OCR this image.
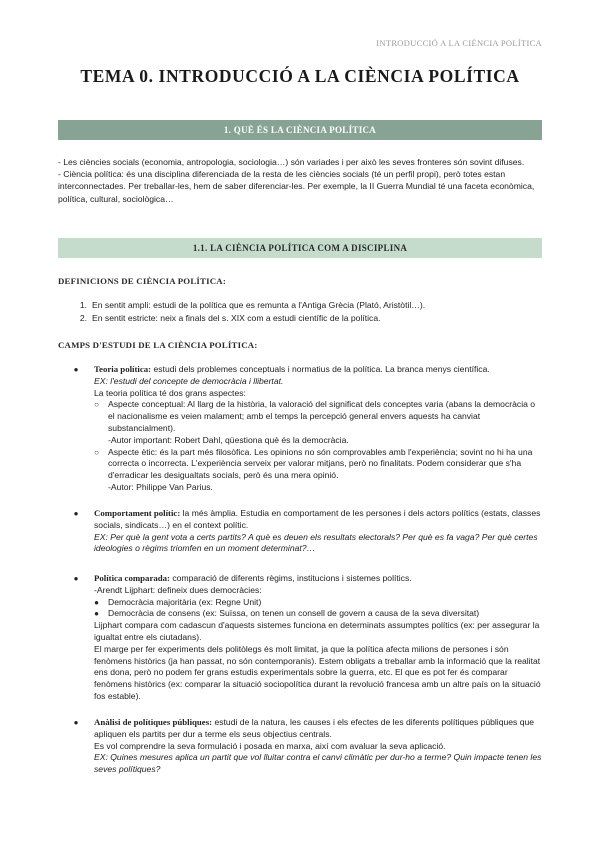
INTRODUCCIÓ A LA CIÈNCIA POLÍTICA
TEMA 0. INTRODUCCIÓ A LA CIÈNCIA POLÍTICA
1. QUÈ ÉS LA CIÈNCIA POLÍTICA

- Les ciències socials (economia, antropologia, sociologia…) són variades i per això les seves fronteres són sovint difuses.

- Ciència política: és una disciplina diferenciada de la resta de les ciències socials (té un perfil propi), però totes estan interconnectades. Per treballar-les, hem de saber diferenciar-les. Per exemple, la II Guerra Mundial té una faceta econòmica, política, cultural, sociològica…

1.1. LA CIÈNCIA POLÍTICA COM A DISCIPLINA
DEFINICIONS DE CIÈNCIA POLÍTICA:
1. En sentit ampli: estudi de la política que es remunta a l'Antiga Grècia (Plató, Aristòtil…).
2. En sentit estricte: neix a finals del s. XIX com a estudi científic de la política.
CAMPS D'ESTUDI DE LA CIÈNCIA POLÍTICA:
●	Teoria política: estudi dels problemes conceptuals i normatius de la política. La branca menys científica.
EX: l'estudi del concepte de democràcia i llibertat.
La teoria política té dos grans aspectes:
○	Aspecte conceptual: Al llarg de la història, la valoració del significat dels conceptes varia (abans la democràcia o el nacionalisme es veien malament; amb el temps la percepció general envers aquests ha canviat substancialment).
-Autor important: Robert Dahl, qüestiona què és la democràcia.
○	Aspecte ètic: és la part més filosòfica. Les opinions no són comprovables amb l'experiència; sovint no hi ha una correcta o incorrecta. L'experiència serveix per valorar mitjans, però no finalitats. Podem considerar que s'ha d'erradicar les desigualtats socials, però és una mera opinió.
-Autor: Philippe Van Parius.
●	Comportament polític: la més àmplia. Estudia en comportament de les persones i dels actors polítics (estats, classes socials, sindicats…) en el context polític.
EX: Per què la gent vota a certs partits? A què es deuen els resultats electorals? Per què es fa vaga? Per què certes ideologies o règims triomfen en un moment determinat?…
●	Política comparada: comparació de diferents règims, institucions i sistemes polítics.
-Arendt Lijphart: defineix dues democràcies:
●	Democràcia majoritària (ex: Regne Unit)
●	Democràcia de consens (ex: Suïssa, on tenen un consell de govern a causa de la seva diversitat)
Lijphart compara com cadascun d'aquests sistemes funciona en determinats assumptes polítics (ex: per assegurar la igualtat entre els ciutadans).
El marge per fer experiments dels politòlegs és molt limitat, ja que la política afecta milions de persones i són fenòmens històrics (ja han passat, no són contemporanis). Estem obligats a treballar amb la informació que la realitat ens dona, però no podem fer grans estudis experimentals sobre la guerra, etc. El que es pot fer és comparar fenòmens històrics (ex: comparar la situació sociopolítica durant la revolució francesa amb un altre país on la situació fos estable).
●	Anàlisi de polítiques públiques: estudi de la natura, les causes i els efectes de les diferents polítiques públiques que apliquen els partits per dur a terme els seus objectius centrals.
Es vol comprendre la seva formulació i posada en marxa, així com avaluar la seva aplicació.
EX: Quines mesures aplica un partit que vol lluitar contra el canvi climàtic per dur-ho a terme? Quin impacte tenen les seves polítiques?
